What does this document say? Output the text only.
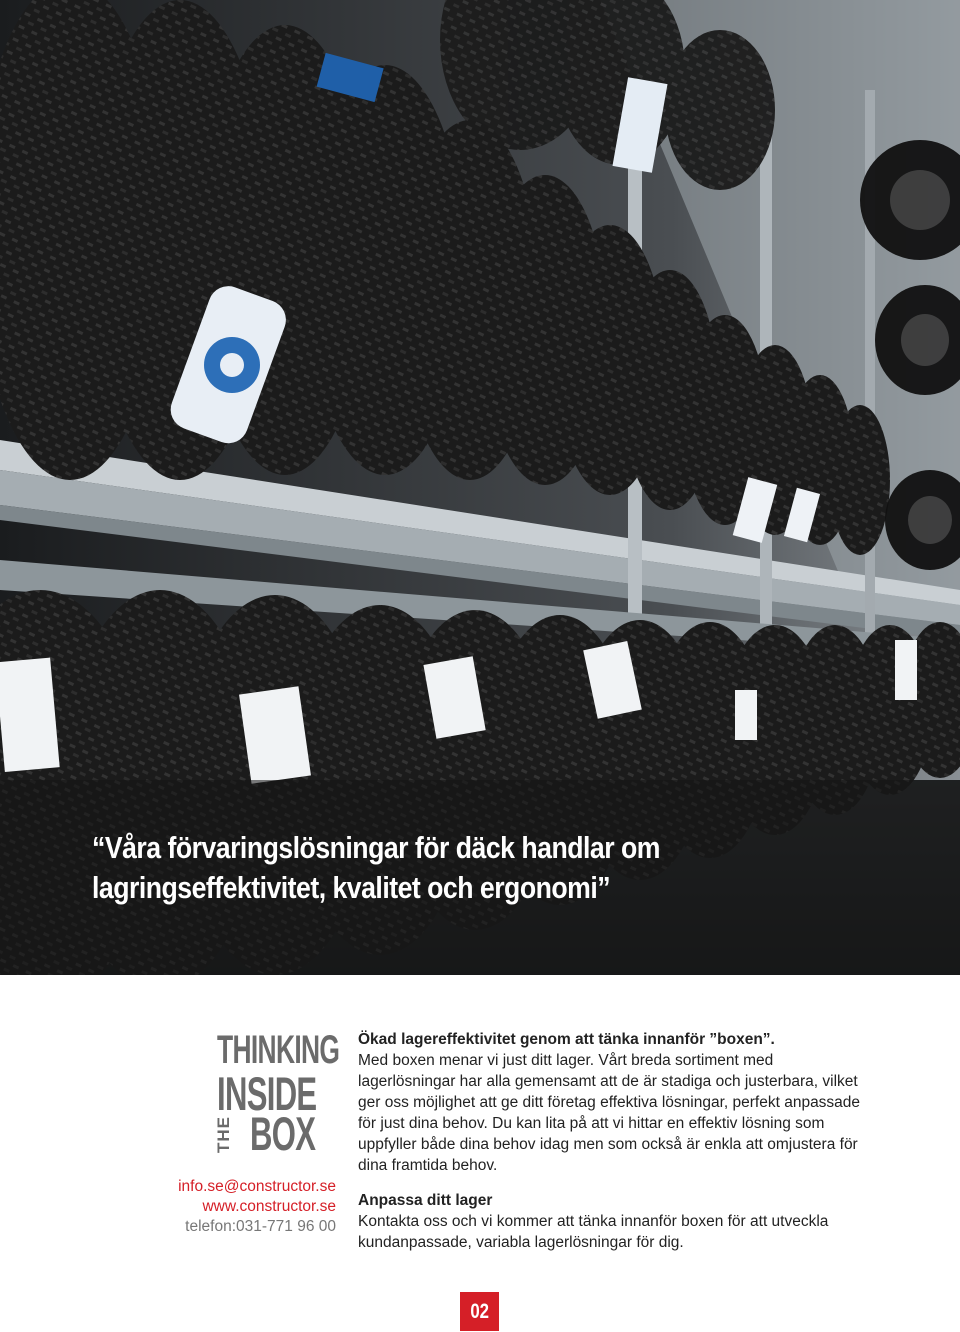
“Våra förvaringslösningar för däck handlar om
lagringseffektivitet, kvalitet och ergonomi”
THINKING
INSIDE
THE BOX
info.se@constructor.se
www.constructor.se
telefon:031-771 96 00
Ökad lagereffektivitet genom att tänka innanför ”boxen”.

Med boxen menar vi just ditt lager. Vårt breda sortiment med lagerlösningar har alla gemensamt att de är stadiga och justerbara, vilket ger oss möjlighet att ge ditt företag effektiva lösningar, perfekt anpassade för just dina behov. Du kan lita på att vi hittar en effektiv lösning som uppfyller både dina behov idag men som också är enkla att omjustera för dina framtida behov.

Anpassa ditt lager

Kontakta oss och vi kommer att tänka innanför boxen för att utveckla kundanpassade, variabla lagerlösningar för dig.

02
